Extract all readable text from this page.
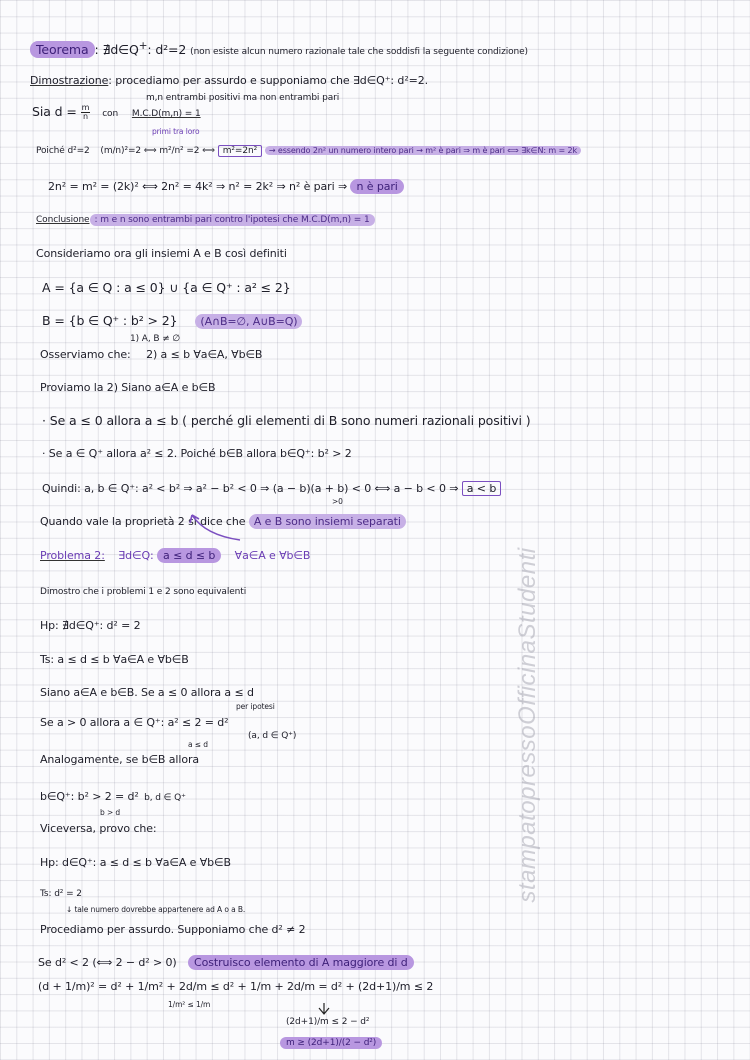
Teorema : ∄d∈Q+: d²=2 (non esiste alcun numero razionale tale che soddisfi la seguente condizione)
Dimostrazione: procediamo per assurdo e supponiamo che ∃d∈Q⁺: d²=2.
m,n entrambi positivi ma non entrambi pari
Sia $d = \frac{m}{n}$ con M.C.D(m,n) = 1
primi tra loro
Poiché d²=2 (m/n)²=2 ⟺ m²/n² =2 ⟺ m²=2n² → essendo 2n² un numero intero pari → m² è pari ⇒ m è pari ⟺ ∃k∈N: m = 2k
2n² = m² = (2k)² ⟺ 2n² = 4k² ⇒ n² = 2k² ⇒ n² è pari ⇒ n è pari
Conclusione : m e n sono entrambi pari contro l'ipotesi che M.C.D(m,n) = 1
Consideriamo ora gli insiemi A e B così definiti
A = {a ∈ Q : a ≤ 0} ∪ {a ∈ Q⁺ : a² ≤ 2}
B = {b ∈ Q⁺ : b² > 2} (A∩B=∅, A∪B=Q)
1) A, B ≠ ∅
Osserviamo che: 2) a ≤ b ∀a∈A, ∀b∈B
Proviamo la 2) Siano a∈A e b∈B
· Se a ≤ 0 allora a ≤ b ( perché gli elementi di B sono numeri razionali positivi )
· Se a ∈ Q⁺ allora a² ≤ 2. Poiché b∈B allora b∈Q⁺: b² > 2
Quindi: a, b ∈ Q⁺: a² < b² ⇒ a² − b² < 0 ⇒ (a − b)(a + b) < 0 ⟺ a − b < 0 ⇒ a < b
>0
Quando vale la proprietà 2 si dice che A e B sono insiemi separati
Problema 2: ∃d∈Q: a ≤ d ≤ b ∀a∈A e ∀b∈B
Dimostro che i problemi 1 e 2 sono equivalenti
Hp: ∄d∈Q⁺: d² = 2
Ts: a ≤ d ≤ b ∀a∈A e ∀b∈B
Siano a∈A e b∈B. Se a ≤ 0 allora a ≤ d
per ipotesi
Se a > 0 allora a ∈ Q⁺: a² ≤ 2 = d²
(a, d ∈ Q⁺)
a ≤ d
Analogamente, se b∈B allora
b∈Q⁺: b² > 2 = d² b, d ∈ Q⁺
b > d
Viceversa, provo che:
Hp: d∈Q⁺: a ≤ d ≤ b ∀a∈A e ∀b∈B
Ts: d² = 2
↓ tale numero dovrebbe appartenere ad A o a B.
Procediamo per assurdo. Supponiamo che d² ≠ 2
Se d² < 2 (⟺ 2 − d² > 0) Costruisco elemento di A maggiore di d
(d + 1/m)² = d² + 1/m² + 2d/m ≤ d² + 1/m + 2d/m = d² + (2d+1)/m ≤ 2
1/m² ≤ 1/m
(2d+1)/m ≤ 2 − d²
m ≥ (2d+1)/(2 − d²)
stampatopressoOfficinaStudenti
